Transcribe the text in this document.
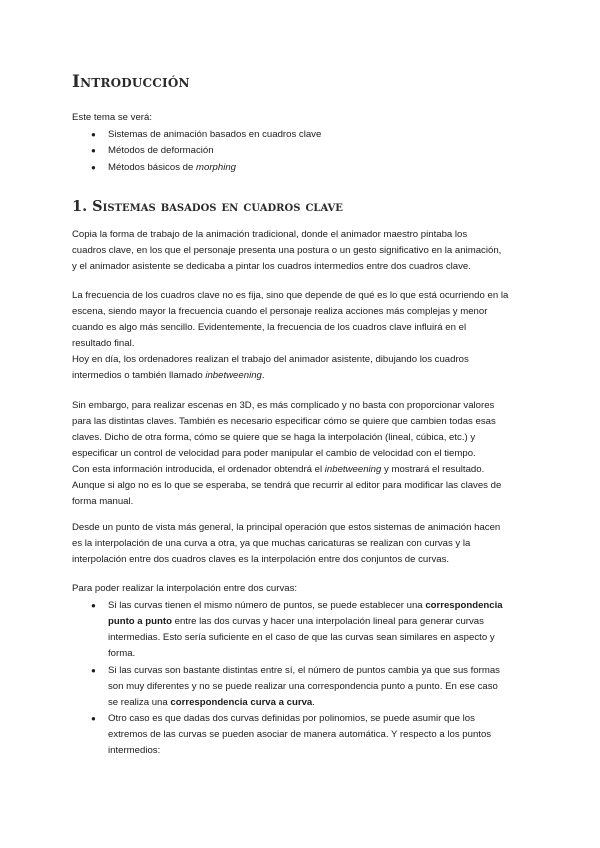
Introducción
Este tema se verá:
● Sistemas de animación basados en cuadros clave
● Métodos de deformación
● Métodos básicos de morphing
1. Sistemas basados en cuadros clave
Copia la forma de trabajo de la animación tradicional, donde el animador maestro pintaba los
cuadros clave, en los que el personaje presenta una postura o un gesto significativo en la animación,
y el animador asistente se dedicaba a pintar los cuadros intermedios entre dos cuadros clave.
La frecuencia de los cuadros clave no es fija, sino que depende de qué es lo que está ocurriendo en la
escena, siendo mayor la frecuencia cuando el personaje realiza acciones más complejas y menor
cuando es algo más sencillo. Evidentemente, la frecuencia de los cuadros clave influirá en el
resultado final.
Hoy en día, los ordenadores realizan el trabajo del animador asistente, dibujando los cuadros
intermedios o también llamado inbetweening.
Sin embargo, para realizar escenas en 3D, es más complicado y no basta con proporcionar valores
para las distintas claves. También es necesario especificar cómo se quiere que cambien todas esas
claves. Dicho de otra forma, cómo se quiere que se haga la interpolación (lineal, cúbica, etc.) y
especificar un control de velocidad para poder manipular el cambio de velocidad con el tiempo.
Con esta información introducida, el ordenador obtendrá el inbetweening y mostrará el resultado.
Aunque si algo no es lo que se esperaba, se tendrá que recurrir al editor para modificar las claves de
forma manual.
Desde un punto de vista más general, la principal operación que estos sistemas de animación hacen
es la interpolación de una curva a otra, ya que muchas caricaturas se realizan con curvas y la
interpolación entre dos cuadros claves es la interpolación entre dos conjuntos de curvas.
Para poder realizar la interpolación entre dos curvas:
● Si las curvas tienen el mismo número de puntos, se puede establecer una correspondencia
punto a punto entre las dos curvas y hacer una interpolación lineal para generar curvas
intermedias. Esto sería suficiente en el caso de que las curvas sean similares en aspecto y
forma.
● Si las curvas son bastante distintas entre sí, el número de puntos cambia ya que sus formas
son muy diferentes y no se puede realizar una correspondencia punto a punto. En ese caso
se realiza una correspondencia curva a curva.
● Otro caso es que dadas dos curvas definidas por polinomios, se puede asumir que los
extremos de las curvas se pueden asociar de manera automática. Y respecto a los puntos
intermedios:
